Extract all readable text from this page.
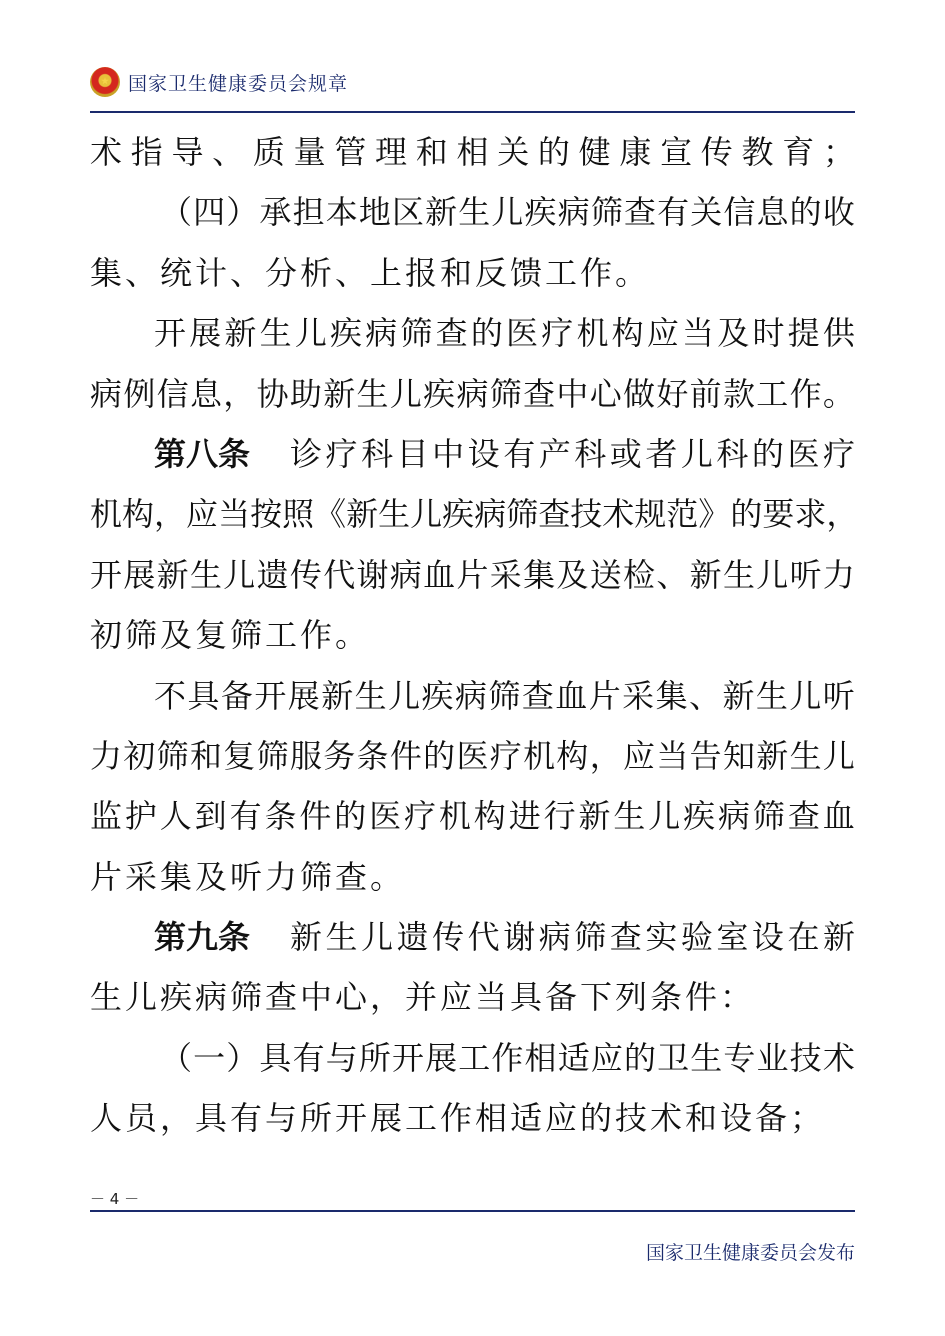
国家卫生健康委员会规章
术 指 导 、 质 量 管 理 和 相 关 的 健 康 宣 传 教 育 ；
（ 四 ） 承 担 本 地 区 新 生 儿 疾 病 筛 查 有 关 信 息 的 收
集、统计、分析、上报和反馈工作。
开 展 新 生 儿 疾 病 筛 查 的 医 疗 机 构 应 当 及 时 提 供
病 例 信 息 ， 协 助 新 生 儿 疾 病 筛 查 中 心 做 好 前 款 工 作 。
第八条 诊 疗 科 目 中 设 有 产 科 或 者 儿 科 的 医 疗
机 构 ， 应 当 按 照 《 新 生 儿 疾 病 筛 查 技 术 规 范 》 的 要 求 ，
开 展 新 生 儿 遗 传 代 谢 病 血 片 采 集 及 送 检 、 新 生 儿 听 力
初筛及复筛工作。
不 具 备 开 展 新 生 儿 疾 病 筛 查 血 片 采 集 、 新 生 儿 听
力 初 筛 和 复 筛 服 务 条 件 的 医 疗 机 构 ， 应 当 告 知 新 生 儿
监 护 人 到 有 条 件 的 医 疗 机 构 进 行 新 生 儿 疾 病 筛 查 血
片采集及听力筛查。
第九条 新 生 儿 遗 传 代 谢 病 筛 查 实 验 室 设 在 新
生儿疾病筛查中心，并应当具备下列条件：
（ 一 ） 具 有 与 所 开 展 工 作 相 适 应 的 卫 生 专 业 技 术
人员，具有与所开展工作相适应的技术和设备；
－ 4 －
国家卫生健康委员会发布
